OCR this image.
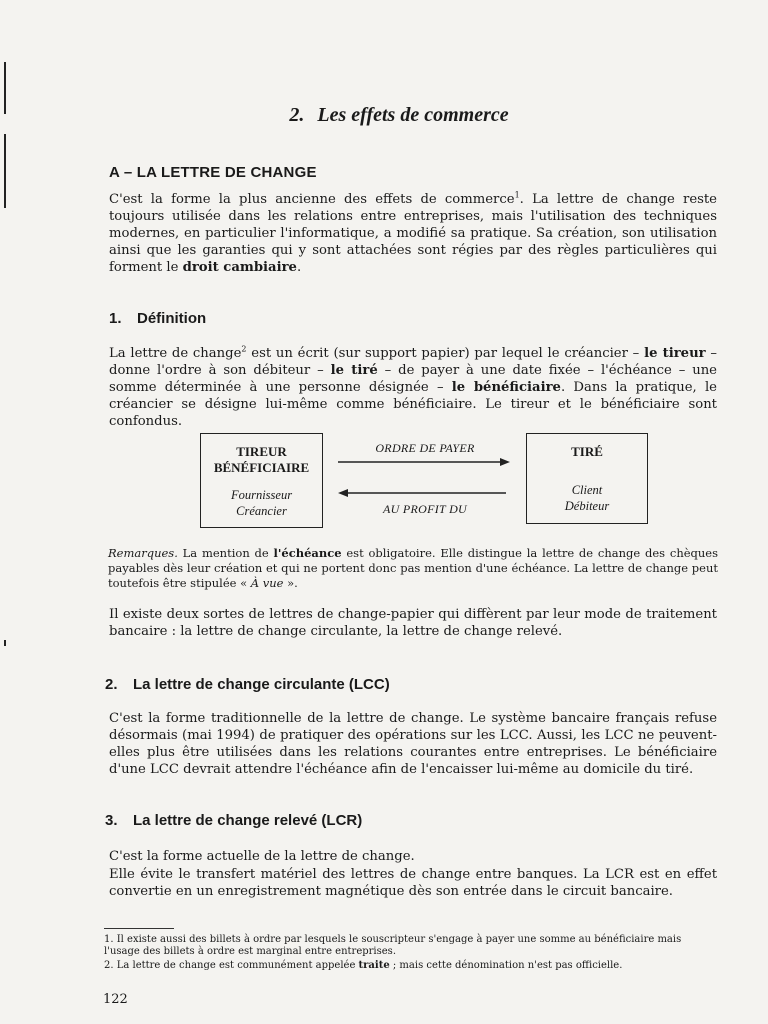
2. Les effets de commerce
A – LA LETTRE DE CHANGE

C'est la forme la plus ancienne des effets de commerce$^1$. La lettre de change reste toujours utilisée dans les relations entre entreprises, mais l'utilisation des techniques modernes, en particulier l'informatique, a modifié sa pratique. Sa création, son utilisation ainsi que les garanties qui y sont attachées sont régies par des règles particulières qui forment le droit cambiaire.

1. Définition

La lettre de change$^2$ est un écrit (sur support papier) par lequel le créancier – le tireur – donne l'ordre à son débiteur – le tiré – de payer à une date fixée – l'échéance – une somme déterminée à une personne désignée – le bénéficiaire. Dans la pratique, le créancier se désigne lui-même comme bénéficiaire. Le tireur et le bénéficiaire sont confondus.

TIREUR
BÉNÉFICIAIRE
Fournisseur
Créancier
TIRÉ
Client
Débiteur
ORDRE DE PAYER
AU PROFIT DU

Remarques. La mention de l'échéance est obligatoire. Elle distingue la lettre de change des chèques payables dès leur création et qui ne portent donc pas mention d'une échéance. La lettre de change peut toutefois être stipulée « À vue ».

Il existe deux sortes de lettres de change-papier qui diffèrent par leur mode de traitement bancaire : la lettre de change circulante, la lettre de change relevé.

2. La lettre de change circulante (LCC)

C'est la forme traditionnelle de la lettre de change. Le système bancaire français refuse désormais (mai 1994) de pratiquer des opérations sur les LCC. Aussi, les LCC ne peuvent-elles plus être utilisées dans les relations courantes entre entreprises. Le bénéficiaire d'une LCC devrait attendre l'échéance afin de l'encaisser lui-même au domicile du tiré.

3. La lettre de change relevé (LCR)

C'est la forme actuelle de la lettre de change.

Elle évite le transfert matériel des lettres de change entre banques. La LCR est en effet convertie en un enregistrement magnétique dès son entrée dans le circuit bancaire.

1. Il existe aussi des billets à ordre par lesquels le souscripteur s'engage à payer une somme au bénéficiaire mais l'usage des billets à ordre est marginal entre entreprises.

2. La lettre de change est communément appelée traite ; mais cette dénomination n'est pas officielle.

122
